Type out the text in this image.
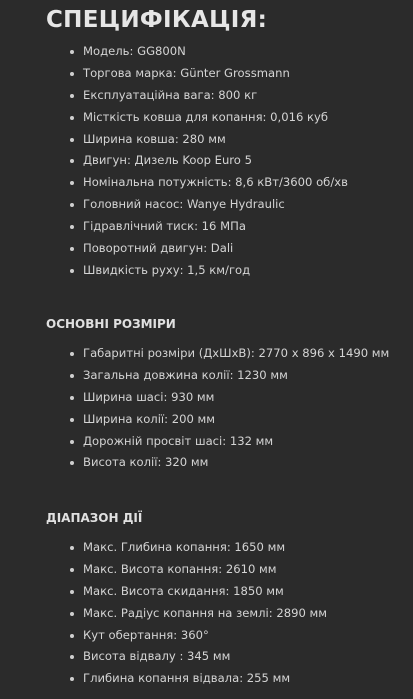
СПЕЦИФІКАЦІЯ:
Модель: GG800N
Торгова марка: Günter Grossmann
Експлуатаційна вага: 800 кг
Місткість ковша для копання: 0,016 куб
Ширина ковша: 280 мм
Двигун: Дизель Koop Euro 5
Номінальна потужність: 8,6 кВт/3600 об/хв
Головний насос: Wanye Hydraulic
Гідравлічний тиск: 16 МПа
Поворотний двигун: Dali
Швидкість руху: 1,5 км/год
ОСНОВНІ РОЗМІРИ
Габаритні розміри (ДхШхВ): 2770 x 896 x 1490 мм
Загальна довжина колії: 1230 мм
Ширина шасі: 930 мм
Ширина колії: 200 мм
Дорожній просвіт шасі: 132 мм
Висота колії: 320 мм
ДІАПАЗОН ДІЇ
Макс. Глибина копання: 1650 мм
Макс. Висота копання: 2610 мм
Макс. Висота скидання: 1850 мм
Макс. Радіус копання на землі: 2890 мм
Кут обертання: 360°
Висота відвалу : 345 мм
Глибина копання відвала: 255 мм
